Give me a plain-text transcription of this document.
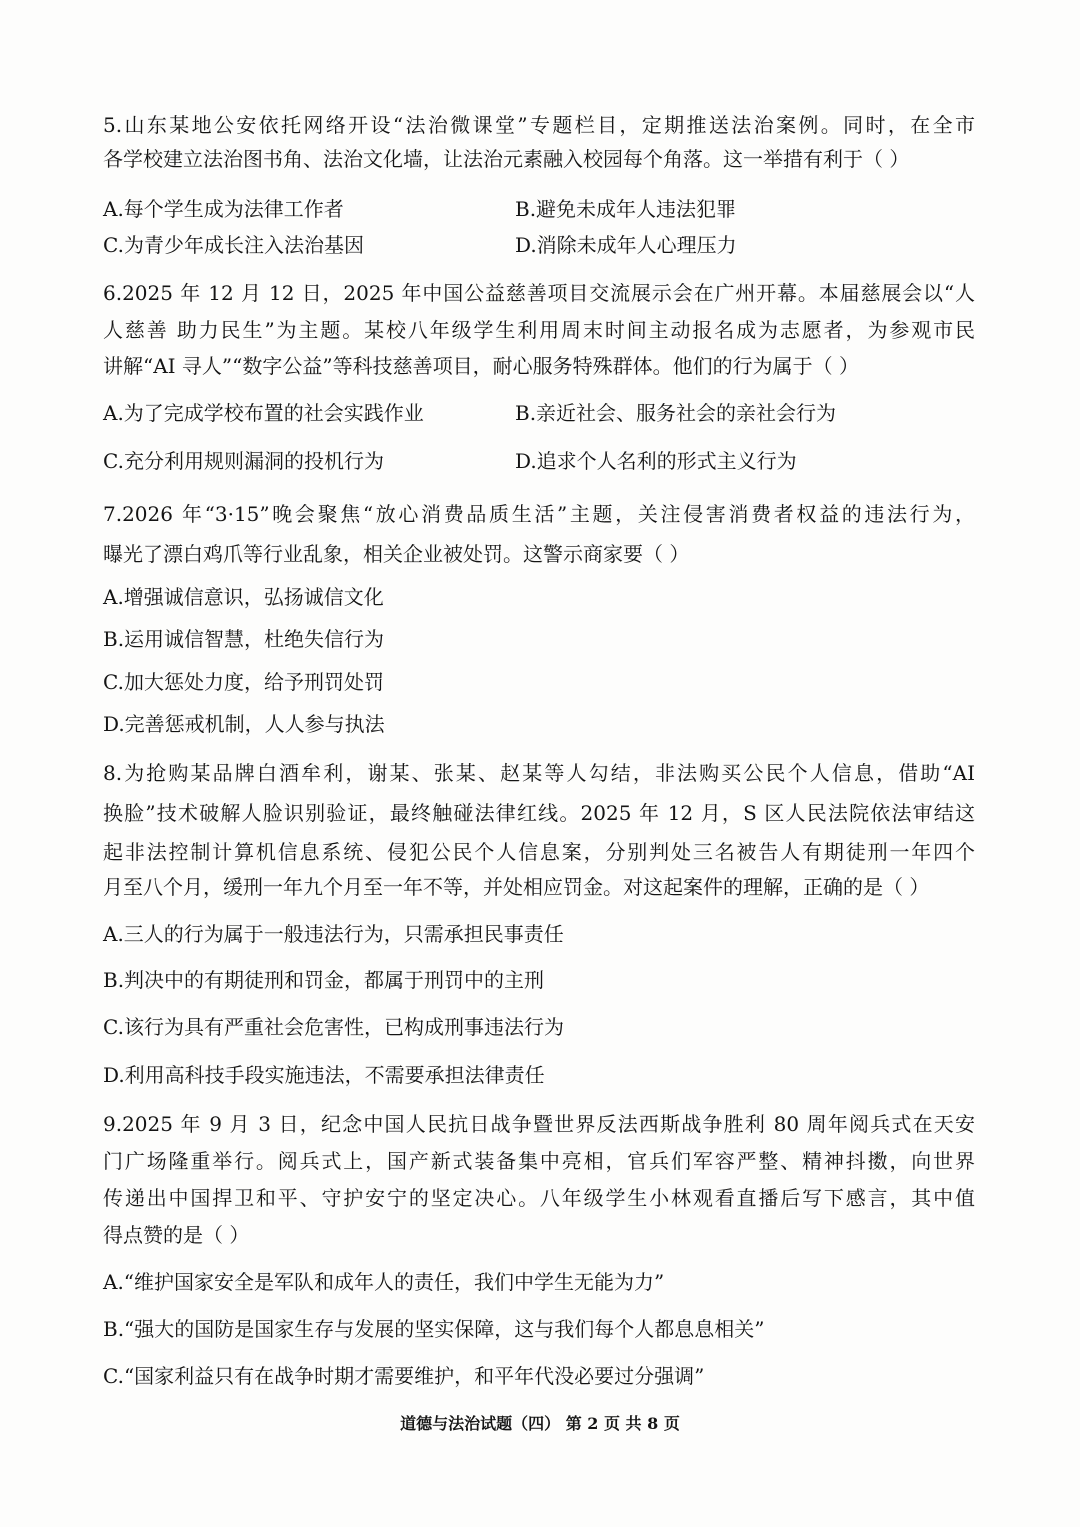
5.山东某地公安依托网络开设“法治微课堂”专题栏目，定期推送法治案例。同时，在全市
各学校建立法治图书角、法治文化墙，让法治元素融入校园每个角落。这一举措有利于（ ）
A.每个学生成为法律工作者	B.避免未成年人违法犯罪
C.为青少年成长注入法治基因	D.消除未成年人心理压力
6.2025 年 12 月 12 日，2025 年中国公益慈善项目交流展示会在广州开幕。本届慈展会以“人
人慈善 助力民生”为主题。某校八年级学生利用周末时间主动报名成为志愿者，为参观市民
讲解“AI 寻人”“数字公益”等科技慈善项目，耐心服务特殊群体。他们的行为属于（ ）
A.为了完成学校布置的社会实践作业	B.亲近社会、服务社会的亲社会行为
C.充分利用规则漏洞的投机行为	D.追求个人名利的形式主义行为
7.2026 年“3·15”晚会聚焦“放心消费品质生活”主题，关注侵害消费者权益的违法行为，
曝光了漂白鸡爪等行业乱象，相关企业被处罚。这警示商家要（ ）
A.增强诚信意识，弘扬诚信文化
B.运用诚信智慧，杜绝失信行为
C.加大惩处力度，给予刑罚处罚
D.完善惩戒机制，人人参与执法
8.为抢购某品牌白酒牟利，谢某、张某、赵某等人勾结，非法购买公民个人信息，借助“AI
换脸”技术破解人脸识别验证，最终触碰法律红线。2025 年 12 月，S 区人民法院依法审结这
起非法控制计算机信息系统、侵犯公民个人信息案，分别判处三名被告人有期徒刑一年四个
月至八个月，缓刑一年九个月至一年不等，并处相应罚金。对这起案件的理解，正确的是（ ）
A.三人的行为属于一般违法行为，只需承担民事责任
B.判决中的有期徒刑和罚金，都属于刑罚中的主刑
C.该行为具有严重社会危害性，已构成刑事违法行为
D.利用高科技手段实施违法，不需要承担法律责任
9.2025 年 9 月 3 日，纪念中国人民抗日战争暨世界反法西斯战争胜利 80 周年阅兵式在天安
门广场隆重举行。阅兵式上，国产新式装备集中亮相，官兵们军容严整、精神抖擞，向世界
传递出中国捍卫和平、守护安宁的坚定决心。八年级学生小林观看直播后写下感言，其中值
得点赞的是（ ）
A.“维护国家安全是军队和成年人的责任，我们中学生无能为力”
B.“强大的国防是国家生存与发展的坚实保障，这与我们每个人都息息相关”
C.“国家利益只有在战争时期才需要维护，和平年代没必要过分强调”
道德与法治试题（四） 第 2 页 共 8 页
